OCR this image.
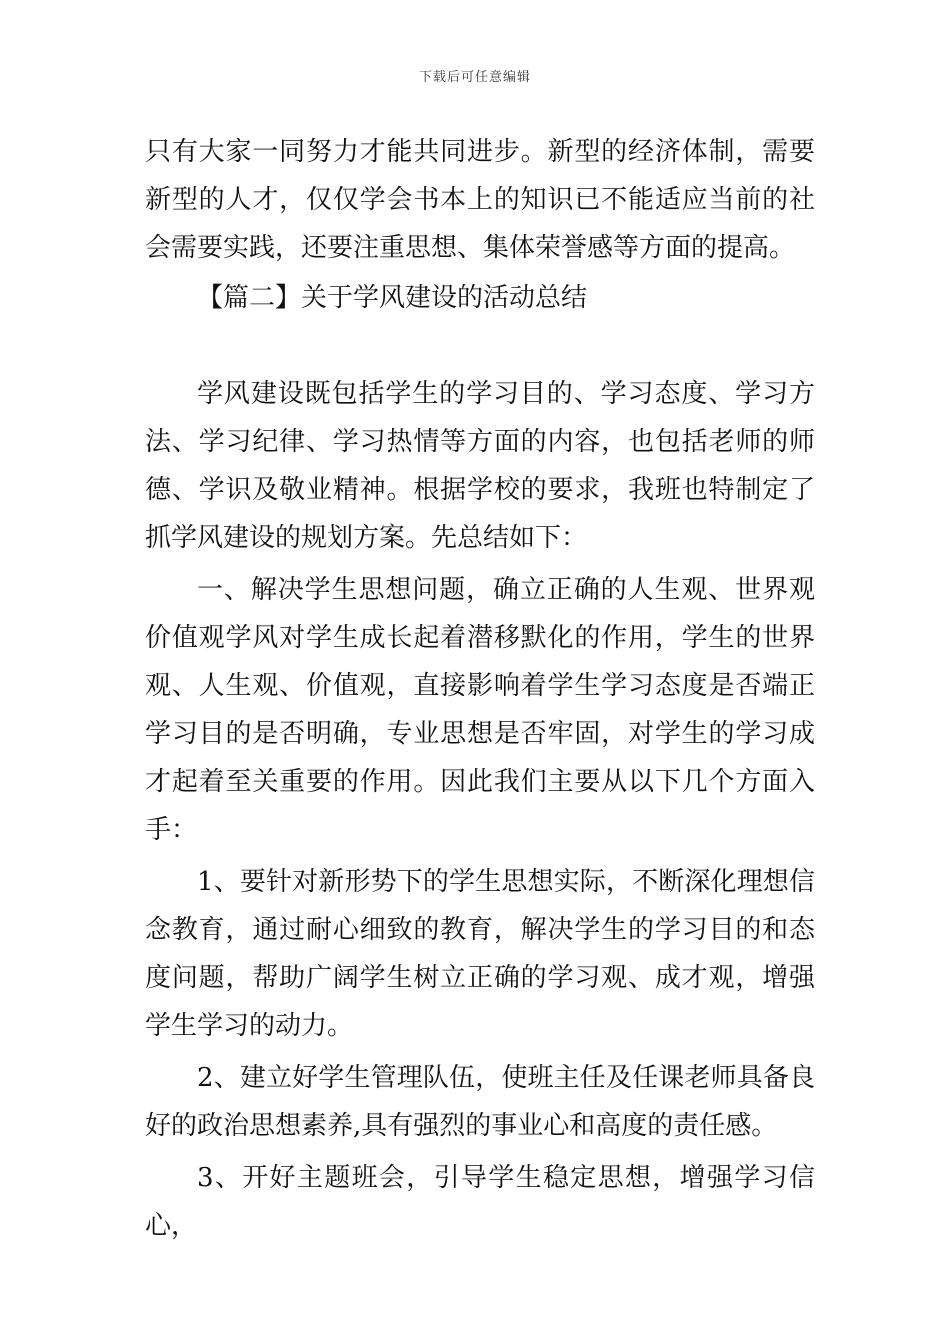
下载后可任意编辑

只有大家一同努力才能共同进步。新型的经济体制，需要新型的人才，仅仅学会书本上的知识已不能适应当前的社会需要实践，还要注重思想、集体荣誉感等方面的提高。

【篇二】关于学风建设的活动总结

学风建设既包括学生的学习目的、学习态度、学习方法、学习纪律、学习热情等方面的内容，也包括老师的师德、学识及敬业精神。根据学校的要求，我班也特制定了抓学风建设的规划方案。先总结如下：

一、解决学生思想问题，确立正确的人生观、世界观价值观学风对学生成长起着潜移默化的作用，学生的世界观、人生观、价值观，直接影响着学生学习态度是否端正学习目的是否明确，专业思想是否牢固，对学生的学习成才起着至关重要的作用。因此我们主要从以下几个方面入手：

1、要针对新形势下的学生思想实际，不断深化理想信念教育，通过耐心细致的教育，解决学生的学习目的和态度问题，帮助广阔学生树立正确的学习观、成才观，增强学生学习的动力。

2、建立好学生管理队伍，使班主任及任课老师具备良好的政治思想素养,具有强烈的事业心和高度的责任感。

3、开好主题班会，引导学生稳定思想，增强学习信心，
